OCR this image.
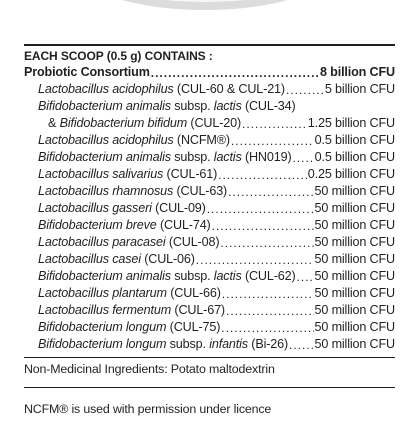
EACH SCOOP (0.5 g) CONTAINS :
Probiotic Consortium .....	8 billion CFU
Lactobacillus acidophilus (CUL-60 & CUL-21) .....	5 billion CFU
Bifidobacterium animalis subsp. lactis (CUL-34)
& Bifidobacterium bifidum (CUL-20) .....	1.25 billion CFU
Lactobacillus acidophilus (NCFM®) .....	0.5 billion CFU
Bifidobacterium animalis subsp. lactis (HN019) ..... 0.5 billion CFU
Lactobacillus salivarius (CUL-61) .....	0.25 billion CFU
Lactobacillus rhamnosus (CUL-63) .....	50 million CFU
Lactobacillus gasseri (CUL-09) .....	50 million CFU
Bifidobacterium breve (CUL-74) .....	50 million CFU
Lactobacillus paracasei (CUL-08) .....	50 million CFU
Lactobacillus casei (CUL-06) .....	50 million CFU
Bifidobacterium animalis subsp. lactis (CUL-62) ..... 50 million CFU
Lactobacillus plantarum (CUL-66) .....	50 million CFU
Lactobacillus fermentum (CUL-67) .....	50 million CFU
Bifidobacterium longum (CUL-75) .....	50 million CFU
Bifidobacterium longum subsp. infantis (Bi-26) ..... 50 million CFU
Non-Medicinal Ingredients: Potato maltodextrin
NCFM® is used with permission under licence
